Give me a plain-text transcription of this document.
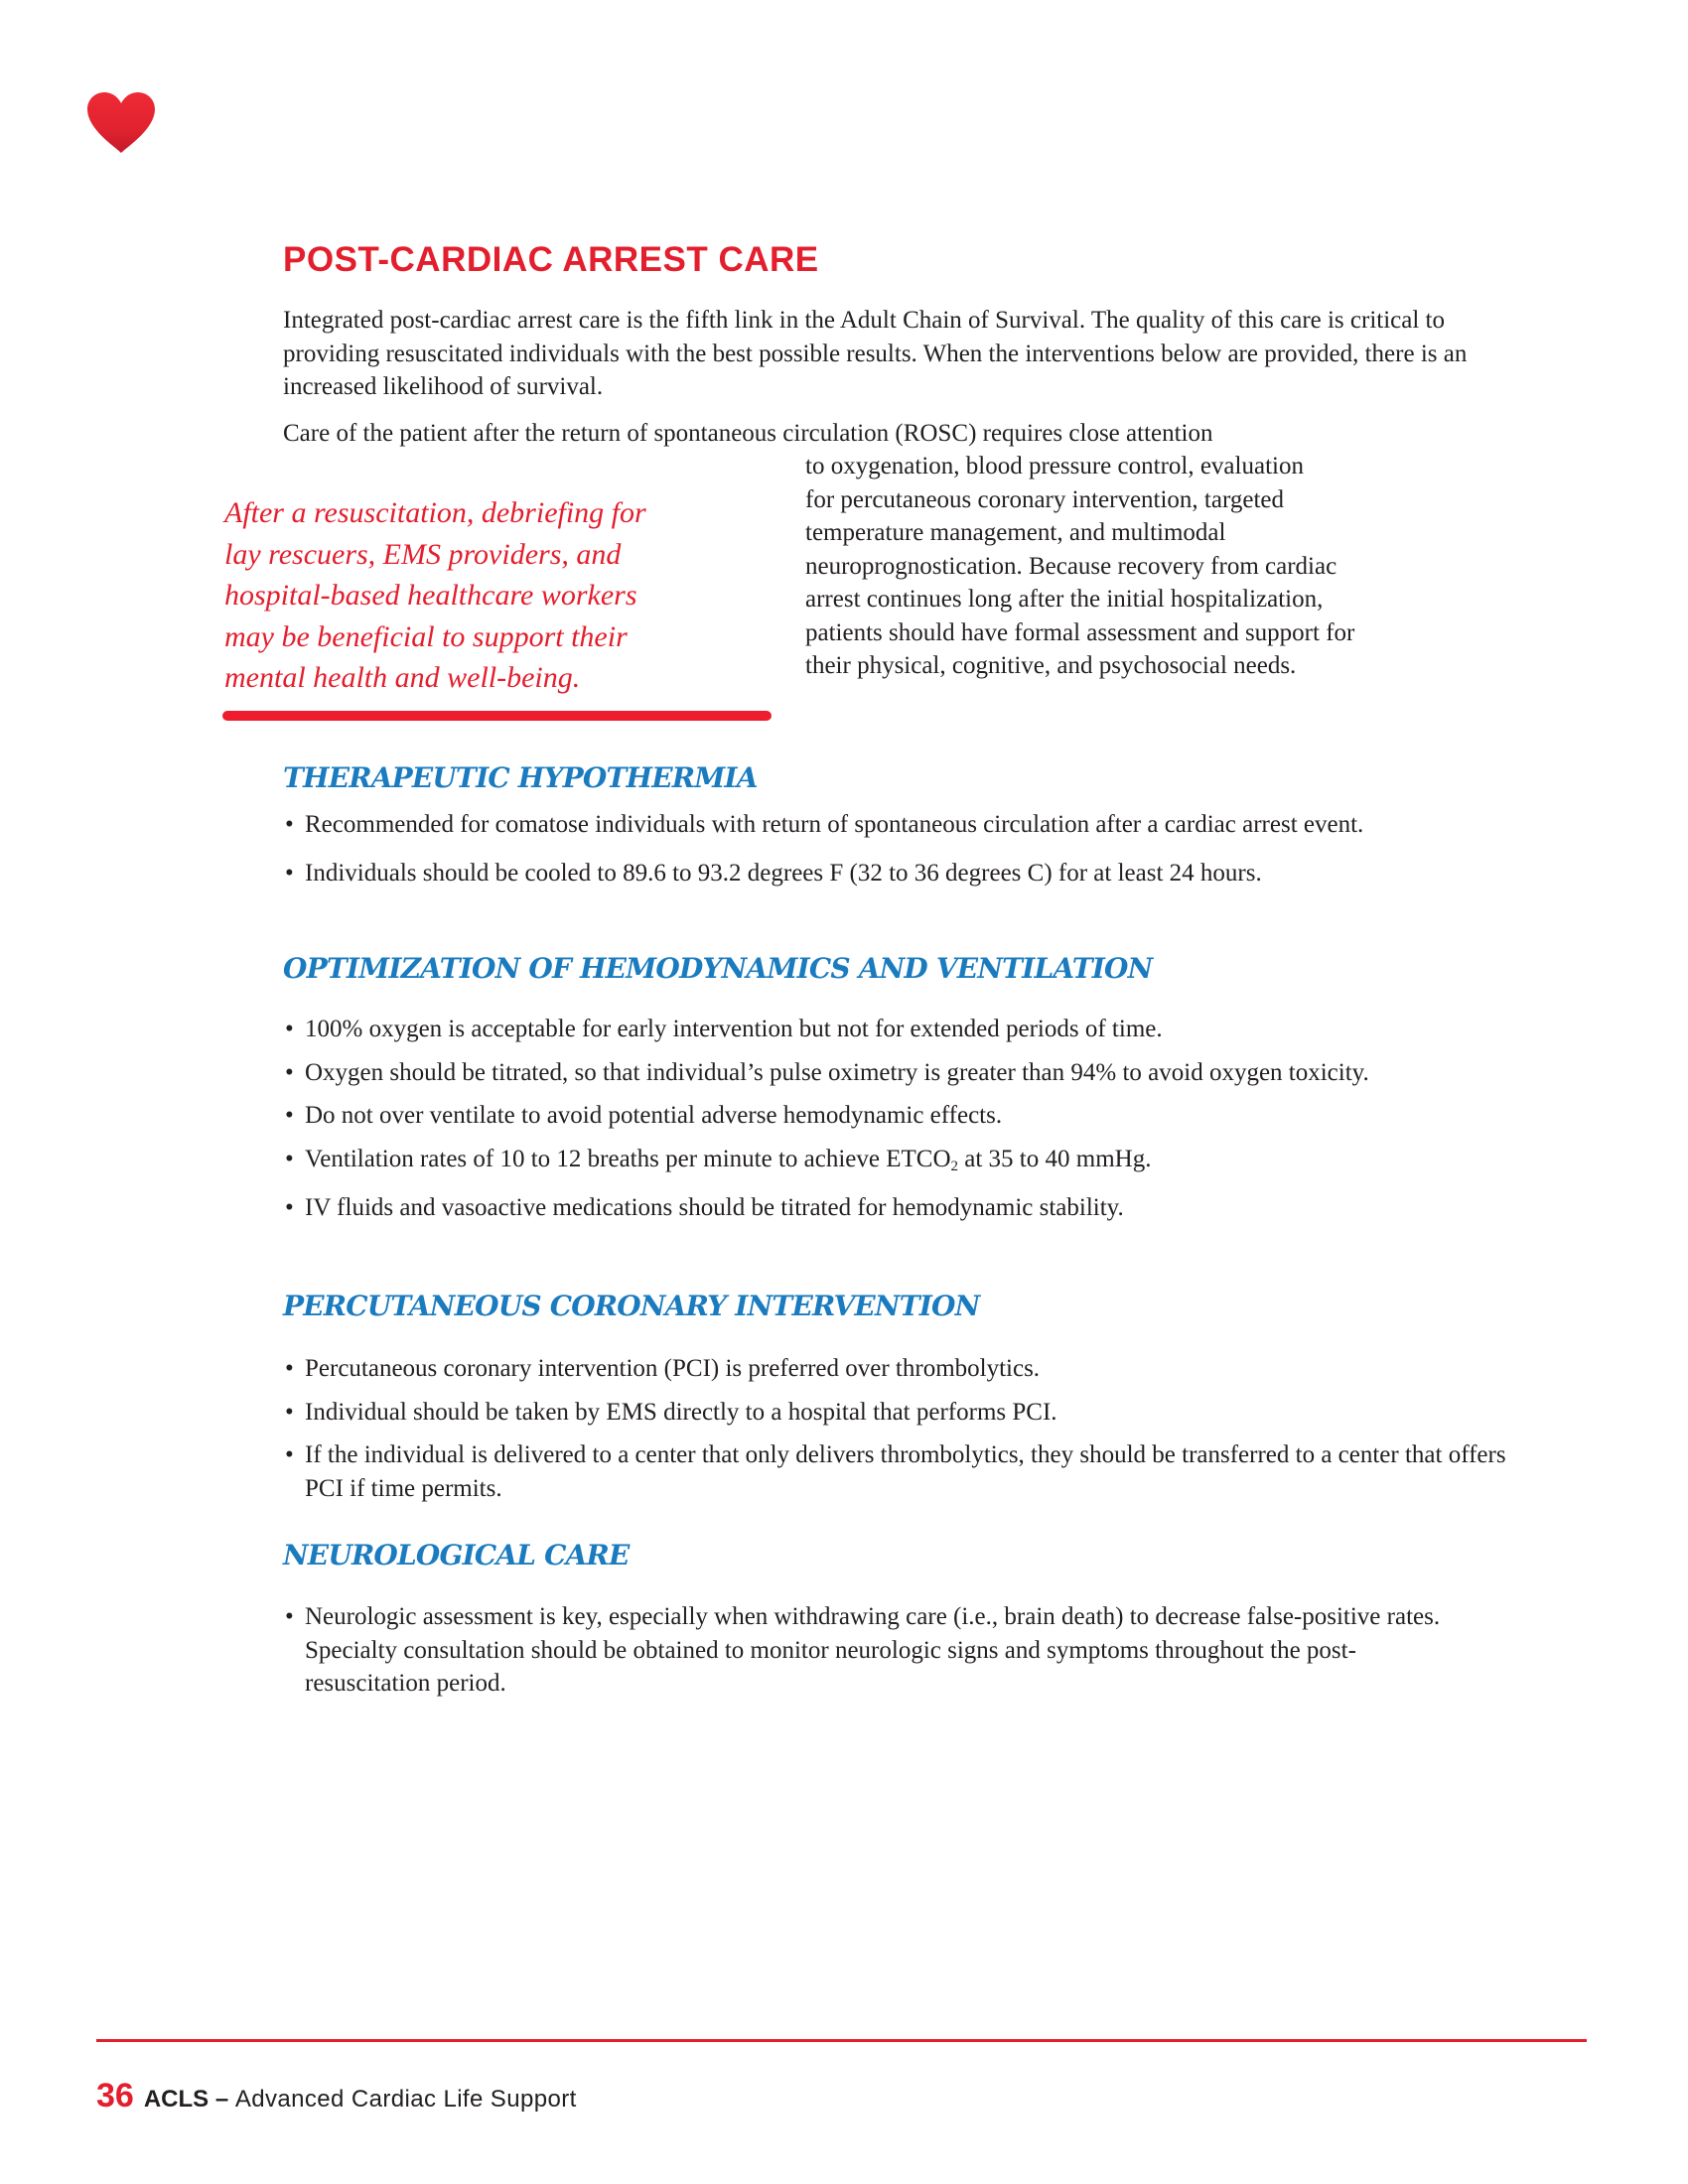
POST-CARDIAC ARREST CARE

Integrated post-cardiac arrest care is the fifth link in the Adult Chain of Survival. The quality of this care is critical to providing resuscitated individuals with the best possible results. When the interventions below are provided, there is an increased likelihood of survival.

Care of the patient after the return of spontaneous circulation (ROSC) requires close attention

to oxygenation, blood pressure control, evaluation
for percutaneous coronary intervention, targeted
temperature management, and multimodal
neuroprognostication. Because recovery from cardiac
arrest continues long after the initial hospitalization,
patients should have formal assessment and support for
their physical, cognitive, and psychosocial needs.

After a resuscitation, debriefing for
lay rescuers, EMS providers, and
hospital-based healthcare workers
may be beneficial to support their
mental health and well-being.
THERAPEUTIC HYPOTHERMIA
• Recommended for comatose individuals with return of spontaneous circulation after a cardiac arrest event.
• Individuals should be cooled to 89.6 to 93.2 degrees F (32 to 36 degrees C) for at least 24 hours.
OPTIMIZATION OF HEMODYNAMICS AND VENTILATION
• 100% oxygen is acceptable for early intervention but not for extended periods of time.
• Oxygen should be titrated, so that individual’s pulse oximetry is greater than 94% to avoid oxygen toxicity.
• Do not over ventilate to avoid potential adverse hemodynamic effects.
• Ventilation rates of 10 to 12 breaths per minute to achieve $ETCO_2$ at 35 to 40 mmHg.
• IV fluids and vasoactive medications should be titrated for hemodynamic stability.
PERCUTANEOUS CORONARY INTERVENTION
• Percutaneous coronary intervention (PCI) is preferred over thrombolytics.
• Individual should be taken by EMS directly to a hospital that performs PCI.
• If the individual is delivered to a center that only delivers thrombolytics, they should be transferred to a center that offers PCI if time permits.
NEUROLOGICAL CARE
• Neurologic assessment is key, especially when withdrawing care (i.e., brain death) to decrease false-positive rates. Specialty consultation should be obtained to monitor neurologic signs and symptoms throughout the post-resuscitation period.
36 ACLS – Advanced Cardiac Life Support
